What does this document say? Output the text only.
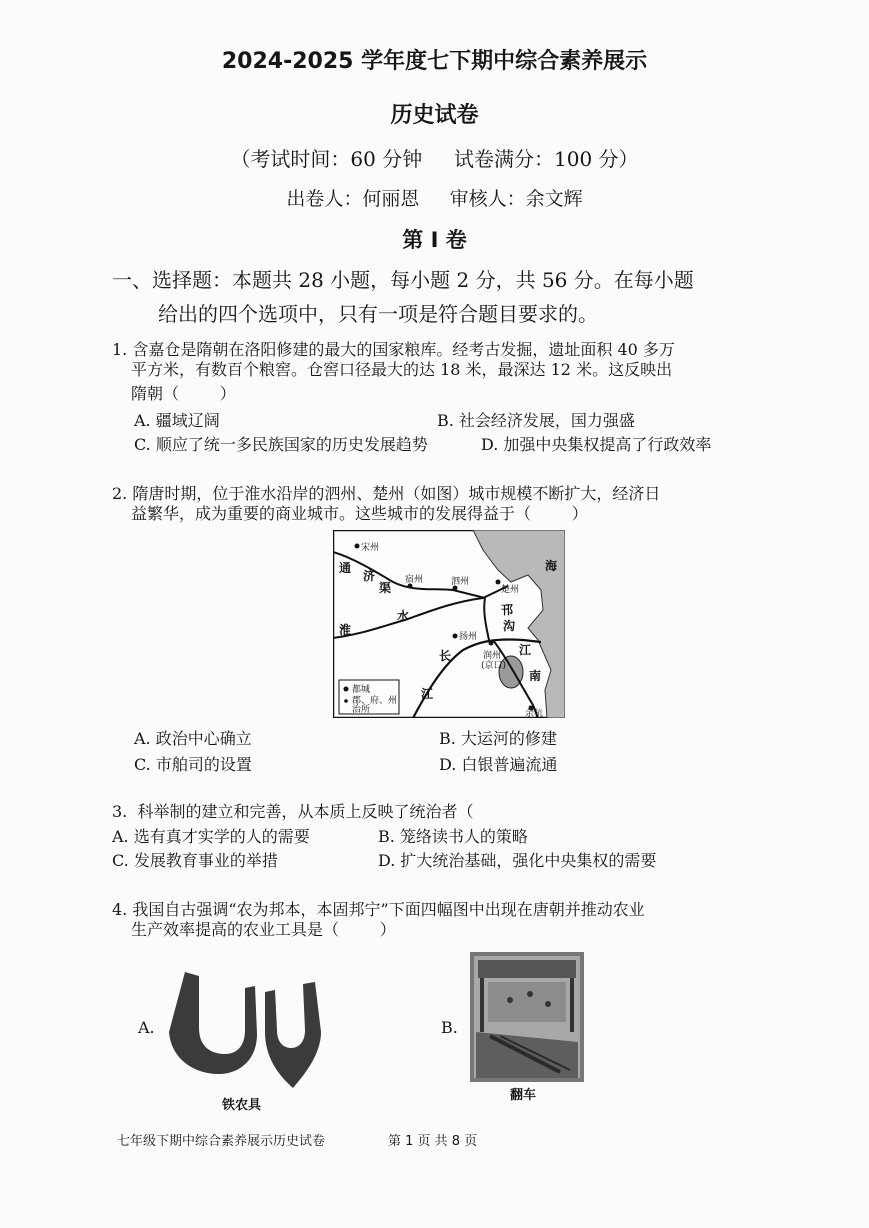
2024-2025 学年度七下期中综合素养展示
历史试卷
（考试时间：60 分钟     试卷满分：100 分）
出卷人：何丽恩     审核人：余文辉
第 I 卷
一、选择题：本题共 28 小题，每小题 2 分，共 56 分。在每小题
给出的四个选项中，只有一项是符合题目要求的。
1. 含嘉仓是隋朝在洛阳修建的最大的国家粮库。经考古发掘，遗址面积 40 多万
平方米，有数百个粮窖。仓窖口径最大的达 18 米，最深达 12 米。这反映出
隋朝（        ）
A. 疆域辽阔	B. 社会经济发展，国力强盛
C. 顺应了统一多民族国家的历史发展趋势	D. 加强中央集权提高了行政效率
2. 隋唐时期，位于淮水沿岸的泗州、楚州（如图）城市规模不断扩大，经济日
益繁华，成为重要的商业城市。这些城市的发展得益于（        ）
宋州
通
济
渠
宿州	泗州
楚州
邗
沟
淮
水
扬州
长	江
润州
(京口)
江
南
余杭
海
都城
郡、府、州
治所
A. 政治中心确立	B. 大运河的修建
C. 市舶司的设置	D. 白银普遍流通
3.  科举制的建立和完善，从本质上反映了统治者（
A. 选有真才实学的人的需要	B. 笼络读书人的策略
C. 发展教育事业的举措	D. 扩大统治基础，强化中央集权的需要
4. 我国自古强调“农为邦本，本固邦宁”下面四幅图中出现在唐朝并推动农业
生产效率提高的农业工具是（        ）
A.
铁农具
B.
翻车
七年级下期中综合素养展示历史试卷	第 1 页 共 8 页
